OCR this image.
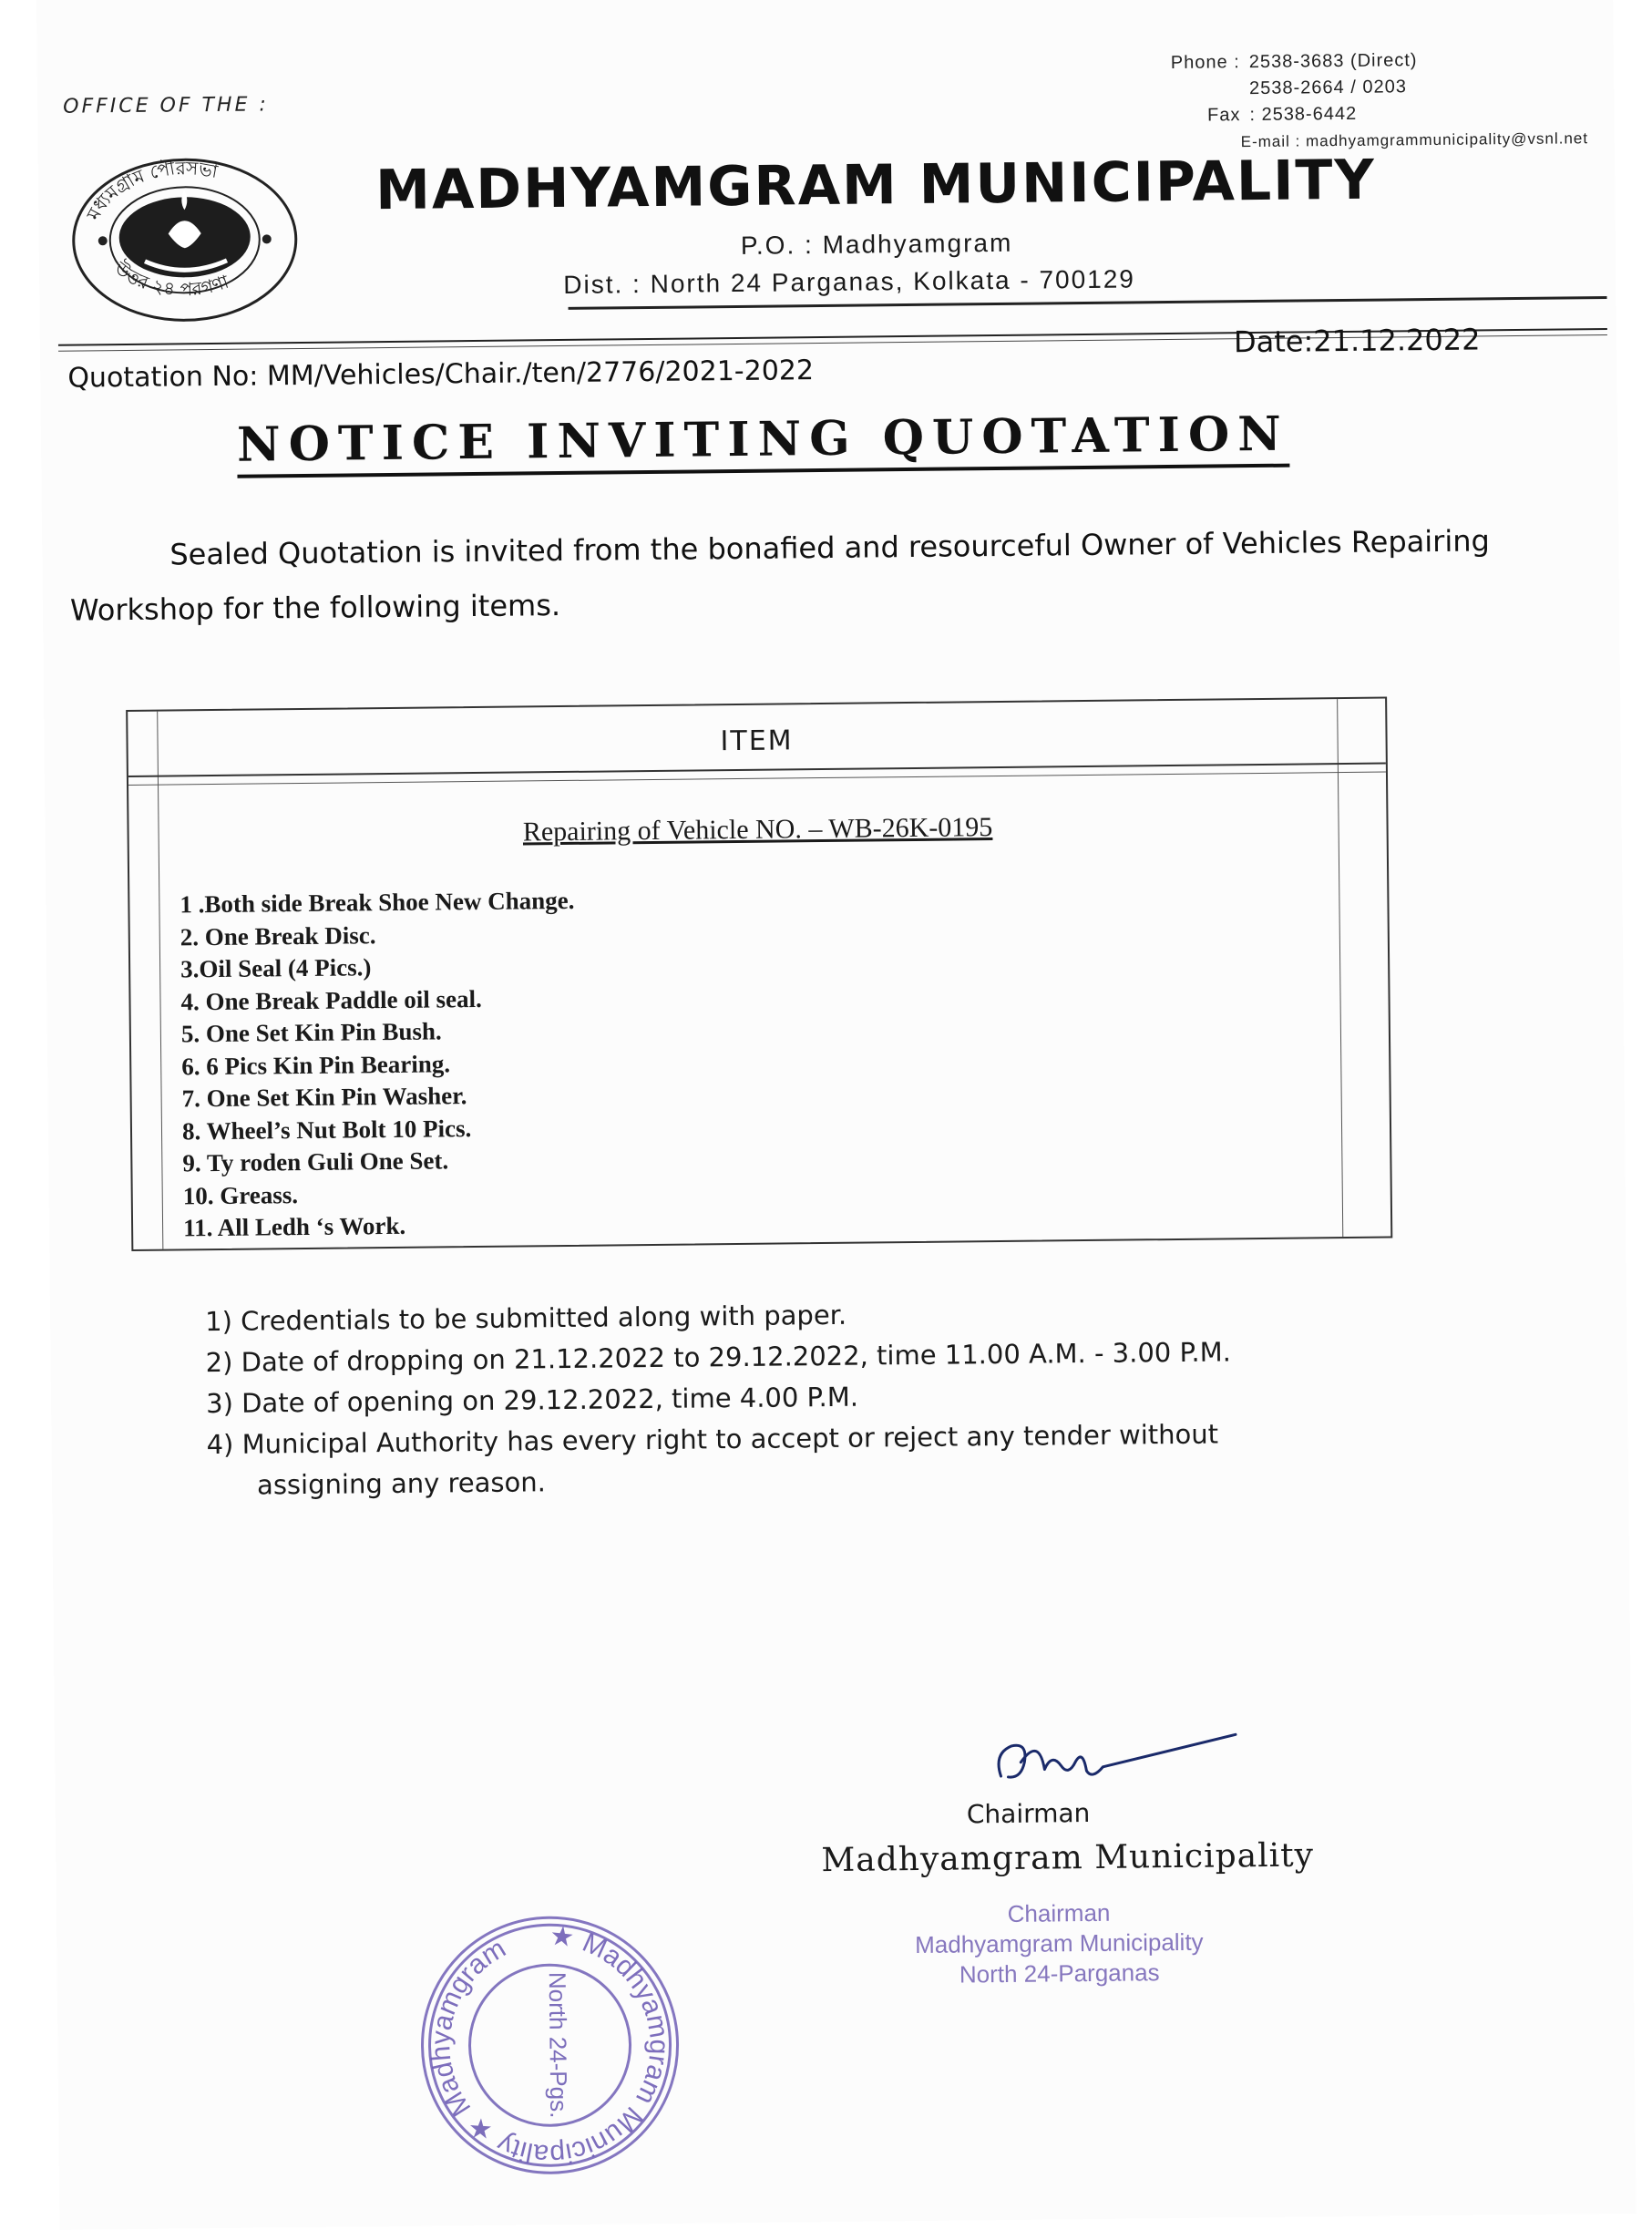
OFFICE OF THE :
Phone : 2538-3683 (Direct)
2538-2664 / 0203
Fax : 2538-6442
E-mail : madhyamgrammunicipality@vsnl.net
মধ্যমগ্রাম পৌরসভা
উত্তর ২৪ পরগণা
MADHYAMGRAM MUNICIPALITY
P.O. : Madhyamgram
Dist. : North 24 Parganas, Kolkata - 700129
Quotation No: MM/Vehicles/Chair./ten/2776/2021-2022
Date:21.12.2022
NOTICE INVITING QUOTATION
Sealed Quotation is invited from the bonafied and resourceful Owner of Vehicles Repairing Workshop for the following items.
ITEM
Repairing of Vehicle NO. – WB-26K-0195
1 .Both side Break Shoe New Change.
2. One Break Disc.
3.Oil Seal (4 Pics.)
4. One Break Paddle oil seal.
5. One Set Kin Pin Bush.
6. 6 Pics Kin Pin Bearing.
7. One Set Kin Pin Washer.
8. Wheel’s Nut Bolt 10 Pics.
9. Ty roden Guli One Set.
10. Greass.
11. All Ledh ‘s Work.
1) Credentials to be submitted along with paper.
2) Date of dropping on 21.12.2022 to 29.12.2022, time 11.00 A.M. - 3.00 P.M.
3) Date of opening on 29.12.2022, time 4.00 P.M.
4) Municipal Authority has every right to accept or reject any tender without
assigning any reason.
Chairman
Madhyamgram Municipality
Chairman
Madhyamgram Municipality
North 24-Parganas
★ Madhyamgram Municipality ★ Madhyamgram
North 24-Pgs.
